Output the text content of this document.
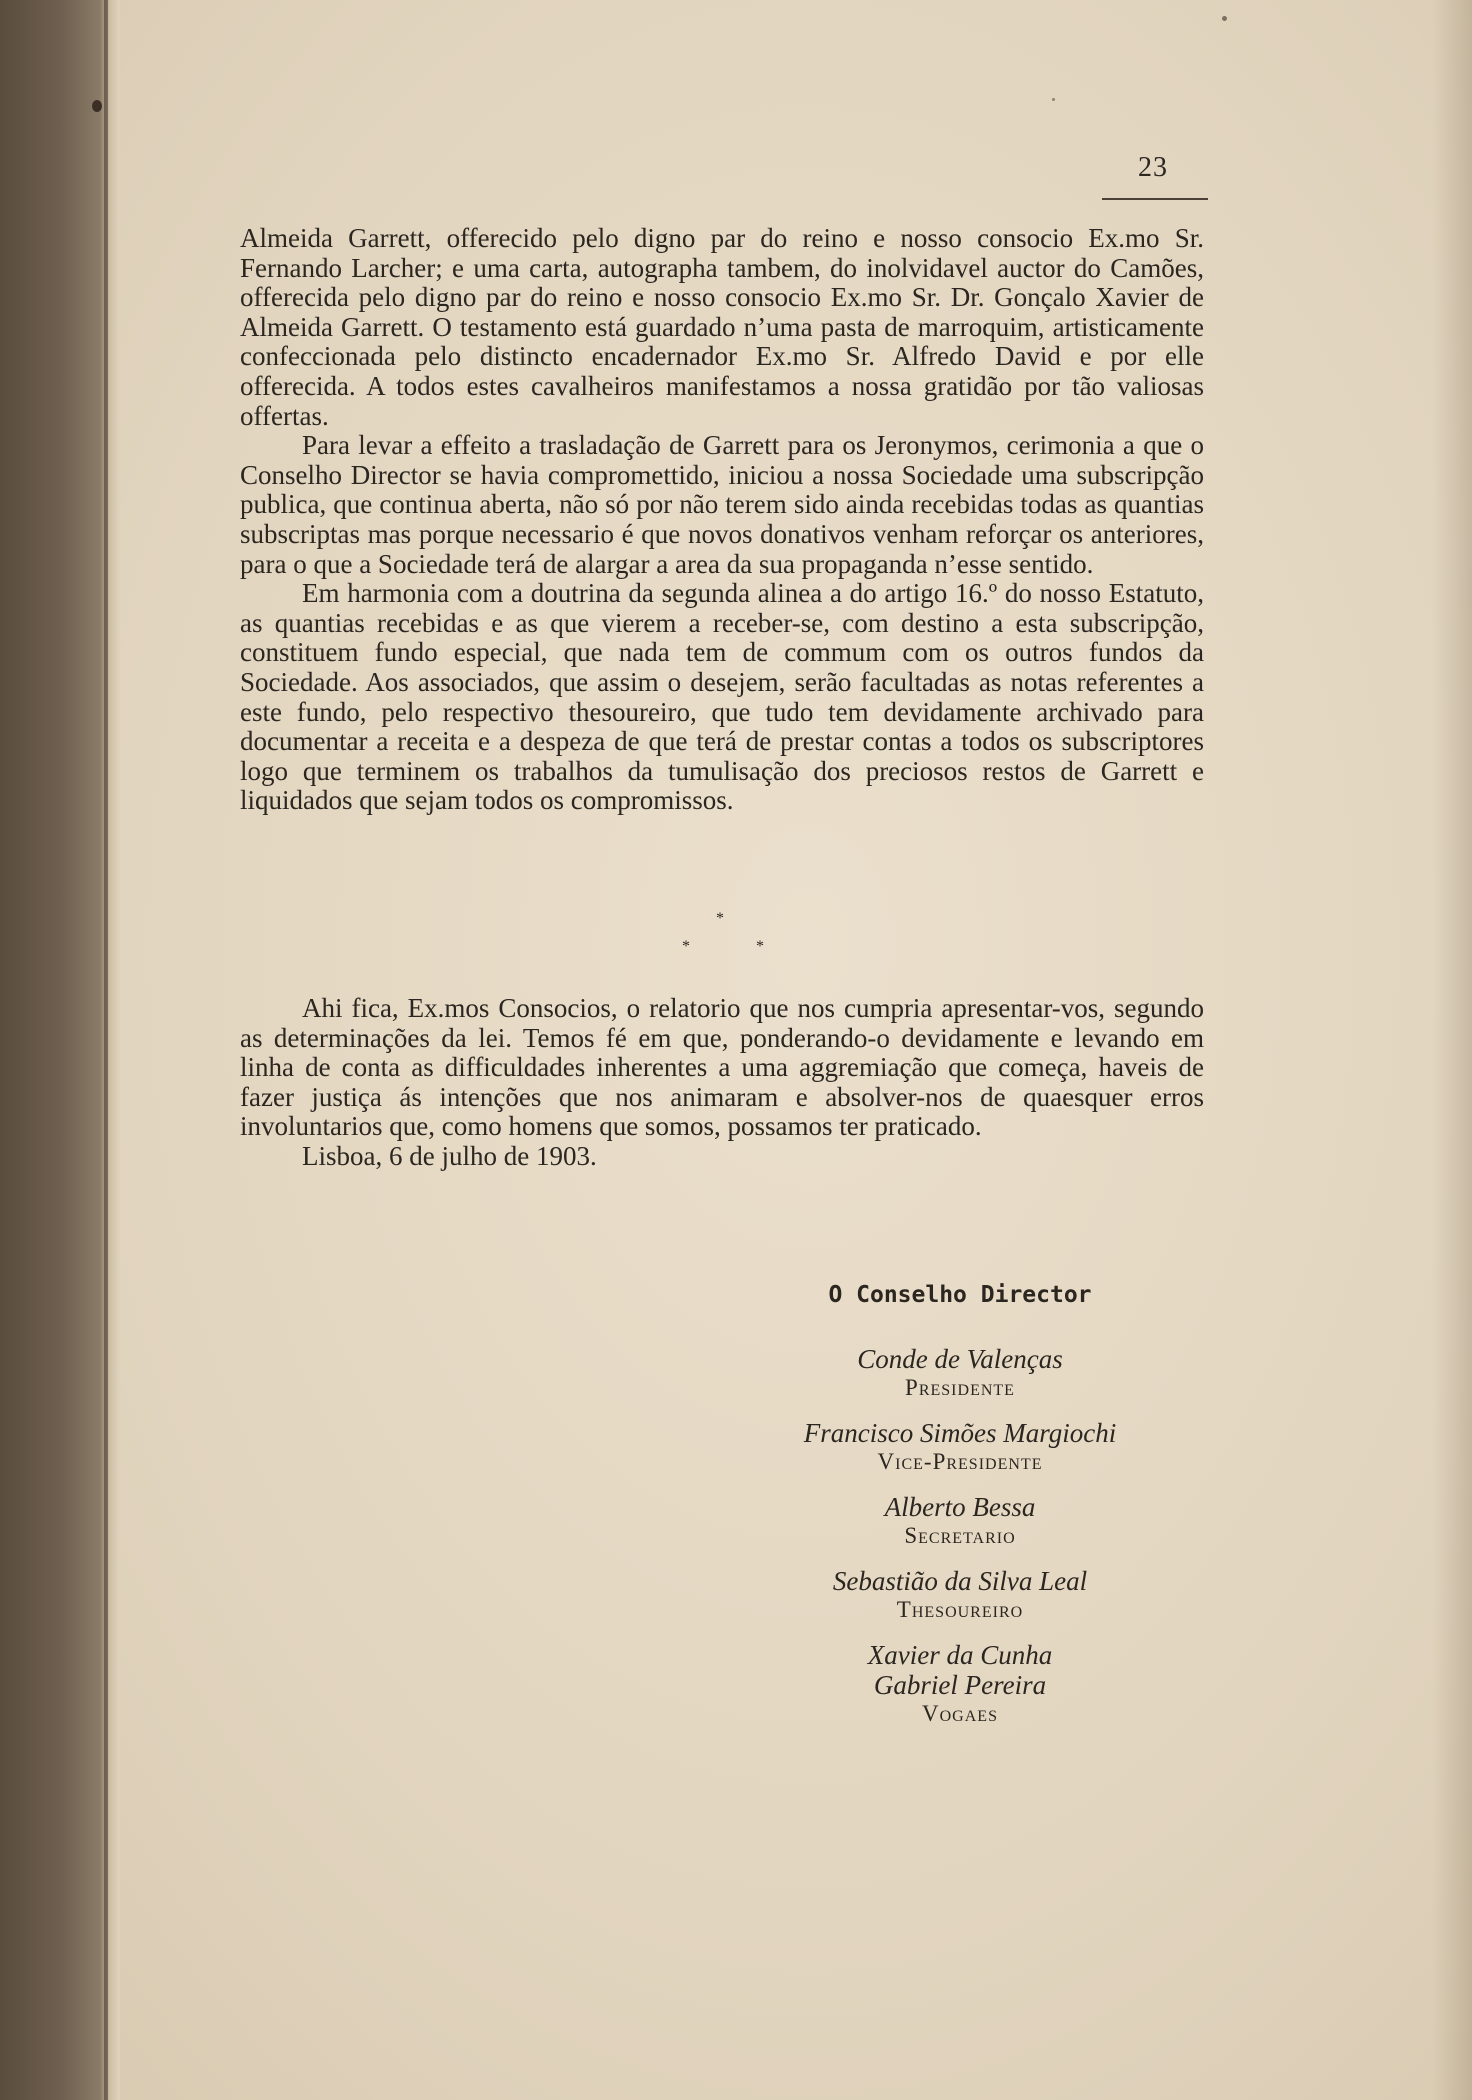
23

Almeida Garrett, offerecido pelo digno par do reino e nosso consocio Ex.mo Sr. Fernando Larcher; e uma carta, autographa tambem, do inolvidavel auctor do Camões, offerecida pelo digno par do reino e nosso consocio Ex.mo Sr. Dr. Gonçalo Xavier de Almeida Garrett. O testamento está guardado n’uma pasta de marroquim, artisticamente confeccionada pelo distincto encadernador Ex.mo Sr. Alfredo David e por elle offerecida. A todos estes cavalheiros manifestamos a nossa gratidão por tão valiosas offertas.

Para levar a effeito a trasladação de Garrett para os Jeronymos, cerimonia a que o Conselho Director se havia compromettido, iniciou a nossa Sociedade uma subscripção publica, que continua aberta, não só por não terem sido ainda recebidas todas as quantias subscriptas mas porque necessario é que novos donativos venham reforçar os anteriores, para o que a Sociedade terá de alargar a area da sua propaganda n’esse sentido.

Em harmonia com a doutrina da segunda alinea a do artigo 16.º do nosso Estatuto, as quantias recebidas e as que vierem a receber-se, com destino a esta subscripção, constituem fundo especial, que nada tem de commum com os outros fundos da Sociedade. Aos associados, que assim o desejem, serão facultadas as notas referentes a este fundo, pelo respectivo thesoureiro, que tudo tem devidamente archivado para documentar a receita e a despeza de que terá de prestar contas a todos os subscriptores logo que terminem os trabalhos da tumulisação dos preciosos restos de Garrett e liquidados que sejam todos os compromissos.

*
*	*

Ahi fica, Ex.mos Consocios, o relatorio que nos cumpria apresentar-vos, segundo as determinações da lei. Temos fé em que, ponderando-o devidamente e levando em linha de conta as difficuldades inherentes a uma aggremiação que começa, haveis de fazer justiça ás intenções que nos animaram e absolver-nos de quaesquer erros involuntarios que, como homens que somos, possamos ter praticado.

Lisboa, 6 de julho de 1903.

O Conselho Director
Conde de Valenças
Presidente
Francisco Simões Margiochi
Vice-Presidente
Alberto Bessa
Secretario
Sebastião da Silva Leal
Thesoureiro
Xavier da Cunha
Gabriel Pereira
Vogaes
